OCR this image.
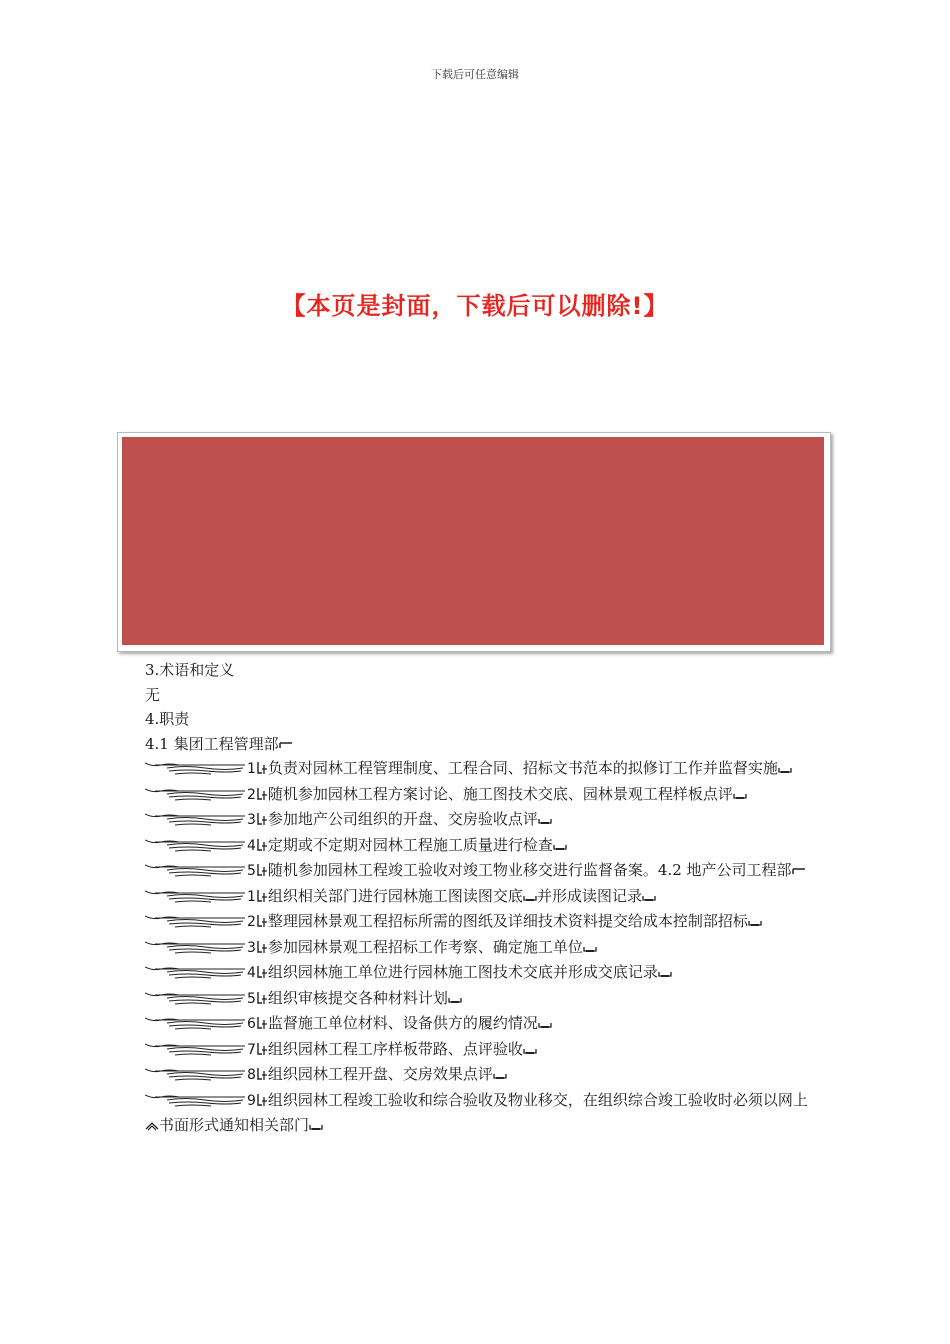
下载后可任意编辑
【本页是封面，下载后可以删除!】
3.术语和定义
无
4.职责
4.1 集团工程管理部
1 负责对园林工程管理制度、工程合同、招标文书范本的拟修订工作并监督实施
2 随机参加园林工程方案讨论、施工图技术交底、园林景观工程样板点评
3 参加地产公司组织的开盘、交房验收点评
4 定期或不定期对园林工程施工质量进行检查
5 随机参加园林工程竣工验收对竣工物业移交进行监督备案。4.2 地产公司工程部
1 组织相关部门进行园林施工图读图交底 并形成读图记录
2 整理园林景观工程招标所需的图纸及详细技术资料提交给成本控制部招标
3 参加园林景观工程招标工作考察、确定施工单位
4 组织园林施工单位进行园林施工图技术交底并形成交底记录
5 组织审核提交各种材料计划
6 监督施工单位材料、设备供方的履约情况
7 组织园林工程工序样板带路、点评验收
8 组织园林工程开盘、交房效果点评
9 组织园林工程竣工验收和综合验收及物业移交，在组织综合竣工验收时必须以网上
书面形式通知相关部门
